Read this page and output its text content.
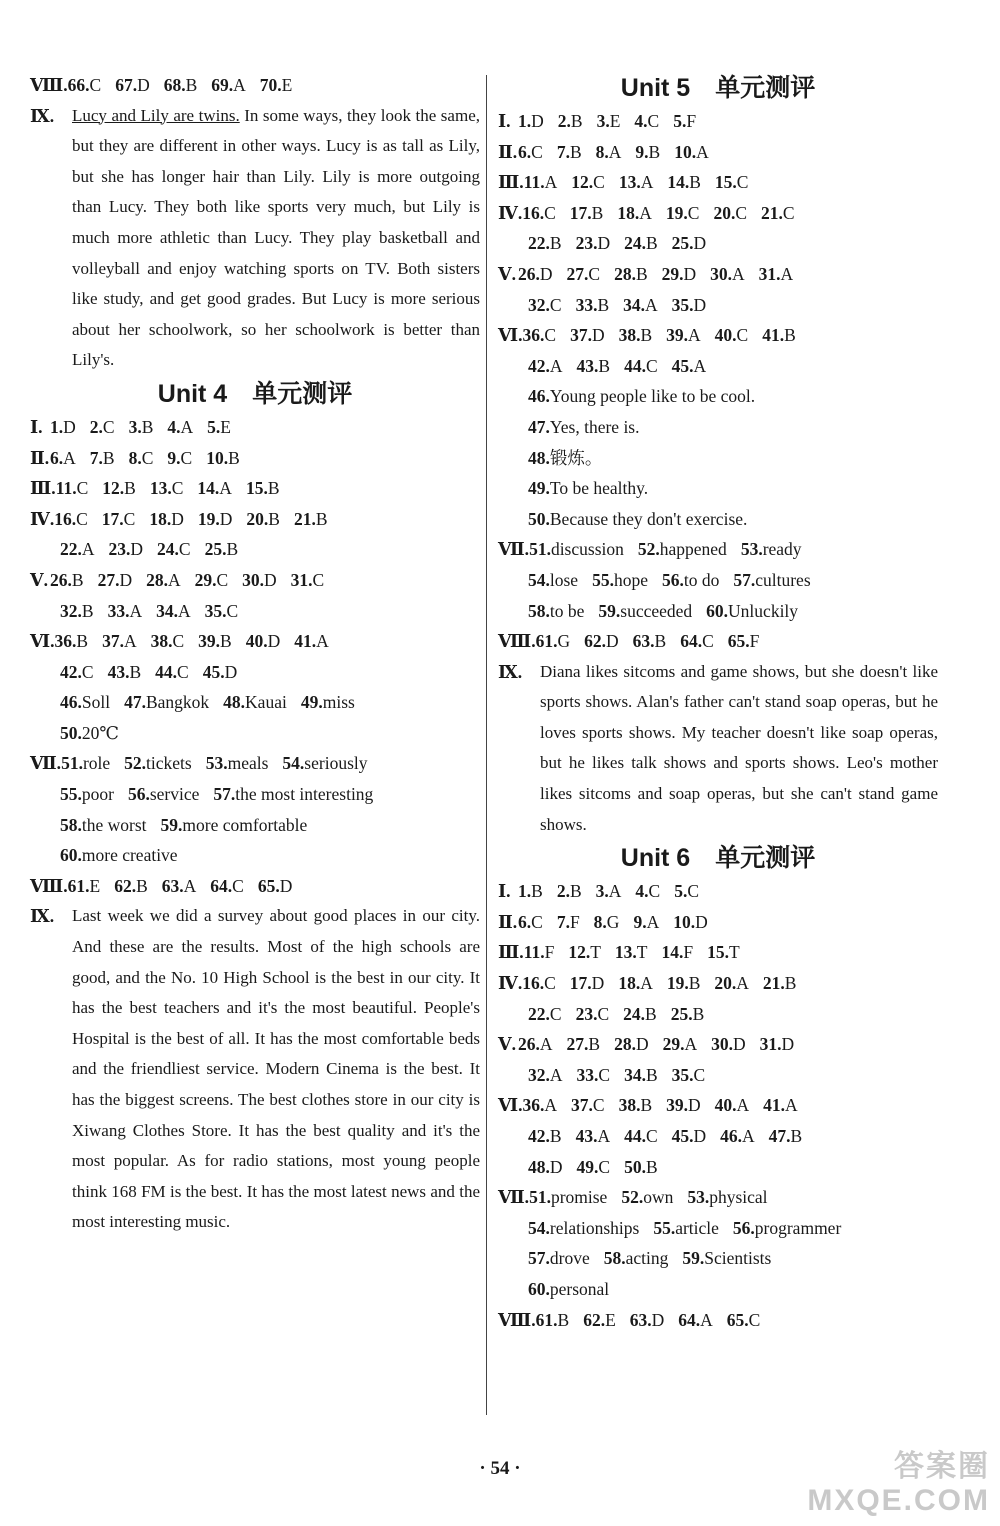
Ⅷ.66.C 67.D 68.B 69.A 70.E
Ⅸ.	Lucy and Lily are twins. In some ways, they look the same, but they are different in other ways. Lucy is as tall as Lily, but she has longer hair than Lily. Lily is more outgoing than Lucy. They both like sports very much, but Lily is much more athletic than Lucy. They play basketball and volleyball and enjoy watching sports on TV. Both sisters like study, and get good grades. But Lucy is more serious about her schoolwork, so her schoolwork is better than Lily's.
Unit 4　单元测评
Ⅰ. 1.D 2.C 3.B 4.A 5.E
Ⅱ.6.A 7.B 8.C 9.C 10.B
Ⅲ.11.C 12.B 13.C 14.A 15.B
Ⅳ.16.C 17.C 18.D 19.D 20.B 21.B
22.A 23.D 24.C 25.B
Ⅴ. 26.B 27.D 28.A 29.C 30.D 31.C
32.B 33.A 34.A 35.C
Ⅵ.36.B 37.A 38.C 39.B 40.D 41.A
42.C 43.B 44.C 45.D
46.Soll 47.Bangkok 48.Kauai 49.miss
50.20℃
Ⅶ.51.role 52.tickets 53.meals 54.seriously
55.poor 56.service 57.the most interesting
58.the worst 59.more comfortable
60.more creative
Ⅷ.61.E 62.B 63.A 64.C 65.D
Ⅸ.	Last week we did a survey about good places in our city. And these are the results. Most of the high schools are good, and the No. 10 High School is the best in our city. It has the best teachers and it's the most beautiful. People's Hospital is the best of all. It has the most comfortable beds and the friendliest service. Modern Cinema is the best. It has the biggest screens. The best clothes store in our city is Xiwang Clothes Store. It has the best quality and it's the most popular. As for radio stations, most young people think 168 FM is the best. It has the most latest news and the most interesting music.
Unit 5　单元测评
Ⅰ. 1.D 2.B 3.E 4.C 5.F
Ⅱ.6.C 7.B 8.A 9.B 10.A
Ⅲ.11.A 12.C 13.A 14.B 15.C
Ⅳ.16.C 17.B 18.A 19.C 20.C 21.C
22.B 23.D 24.B 25.D
Ⅴ. 26.D 27.C 28.B 29.D 30.A 31.A
32.C 33.B 34.A 35.D
Ⅵ.36.C 37.D 38.B 39.A 40.C 41.B
42.A 43.B 44.C 45.A
46.Young people like to be cool.
47.Yes, there is.
48.锻炼。
49.To be healthy.
50.Because they don't exercise.
Ⅶ.51.discussion 52.happened 53.ready
54.lose 55.hope 56.to do 57.cultures
58.to be 59.succeeded 60.Unluckily
Ⅷ.61.G 62.D 63.B 64.C 65.F
Ⅸ.	Diana likes sitcoms and game shows, but she doesn't like sports shows. Alan's father can't stand soap operas, but he loves sports shows. My teacher doesn't like soap operas, but he likes talk shows and sports shows. Leo's mother likes sitcoms and soap operas, but she can't stand game shows.
Unit 6　单元测评
Ⅰ. 1.B 2.B 3.A 4.C 5.C
Ⅱ.6.C 7.F 8.G 9.A 10.D
Ⅲ.11.F 12.T 13.T 14.F 15.T
Ⅳ.16.C 17.D 18.A 19.B 20.A 21.B
22.C 23.C 24.B 25.B
Ⅴ. 26.A 27.B 28.D 29.A 30.D 31.D
32.A 33.C 34.B 35.C
Ⅵ.36.A 37.C 38.B 39.D 40.A 41.A
42.B 43.A 44.C 45.D 46.A 47.B
48.D 49.C 50.B
Ⅶ.51.promise 52.own 53.physical
54.relationships 55.article 56.programmer
57.drove 58.acting 59.Scientists
60.personal
Ⅷ.61.B 62.E 63.D 64.A 65.C
· 54 ·	答案圈
MXQE.COM
